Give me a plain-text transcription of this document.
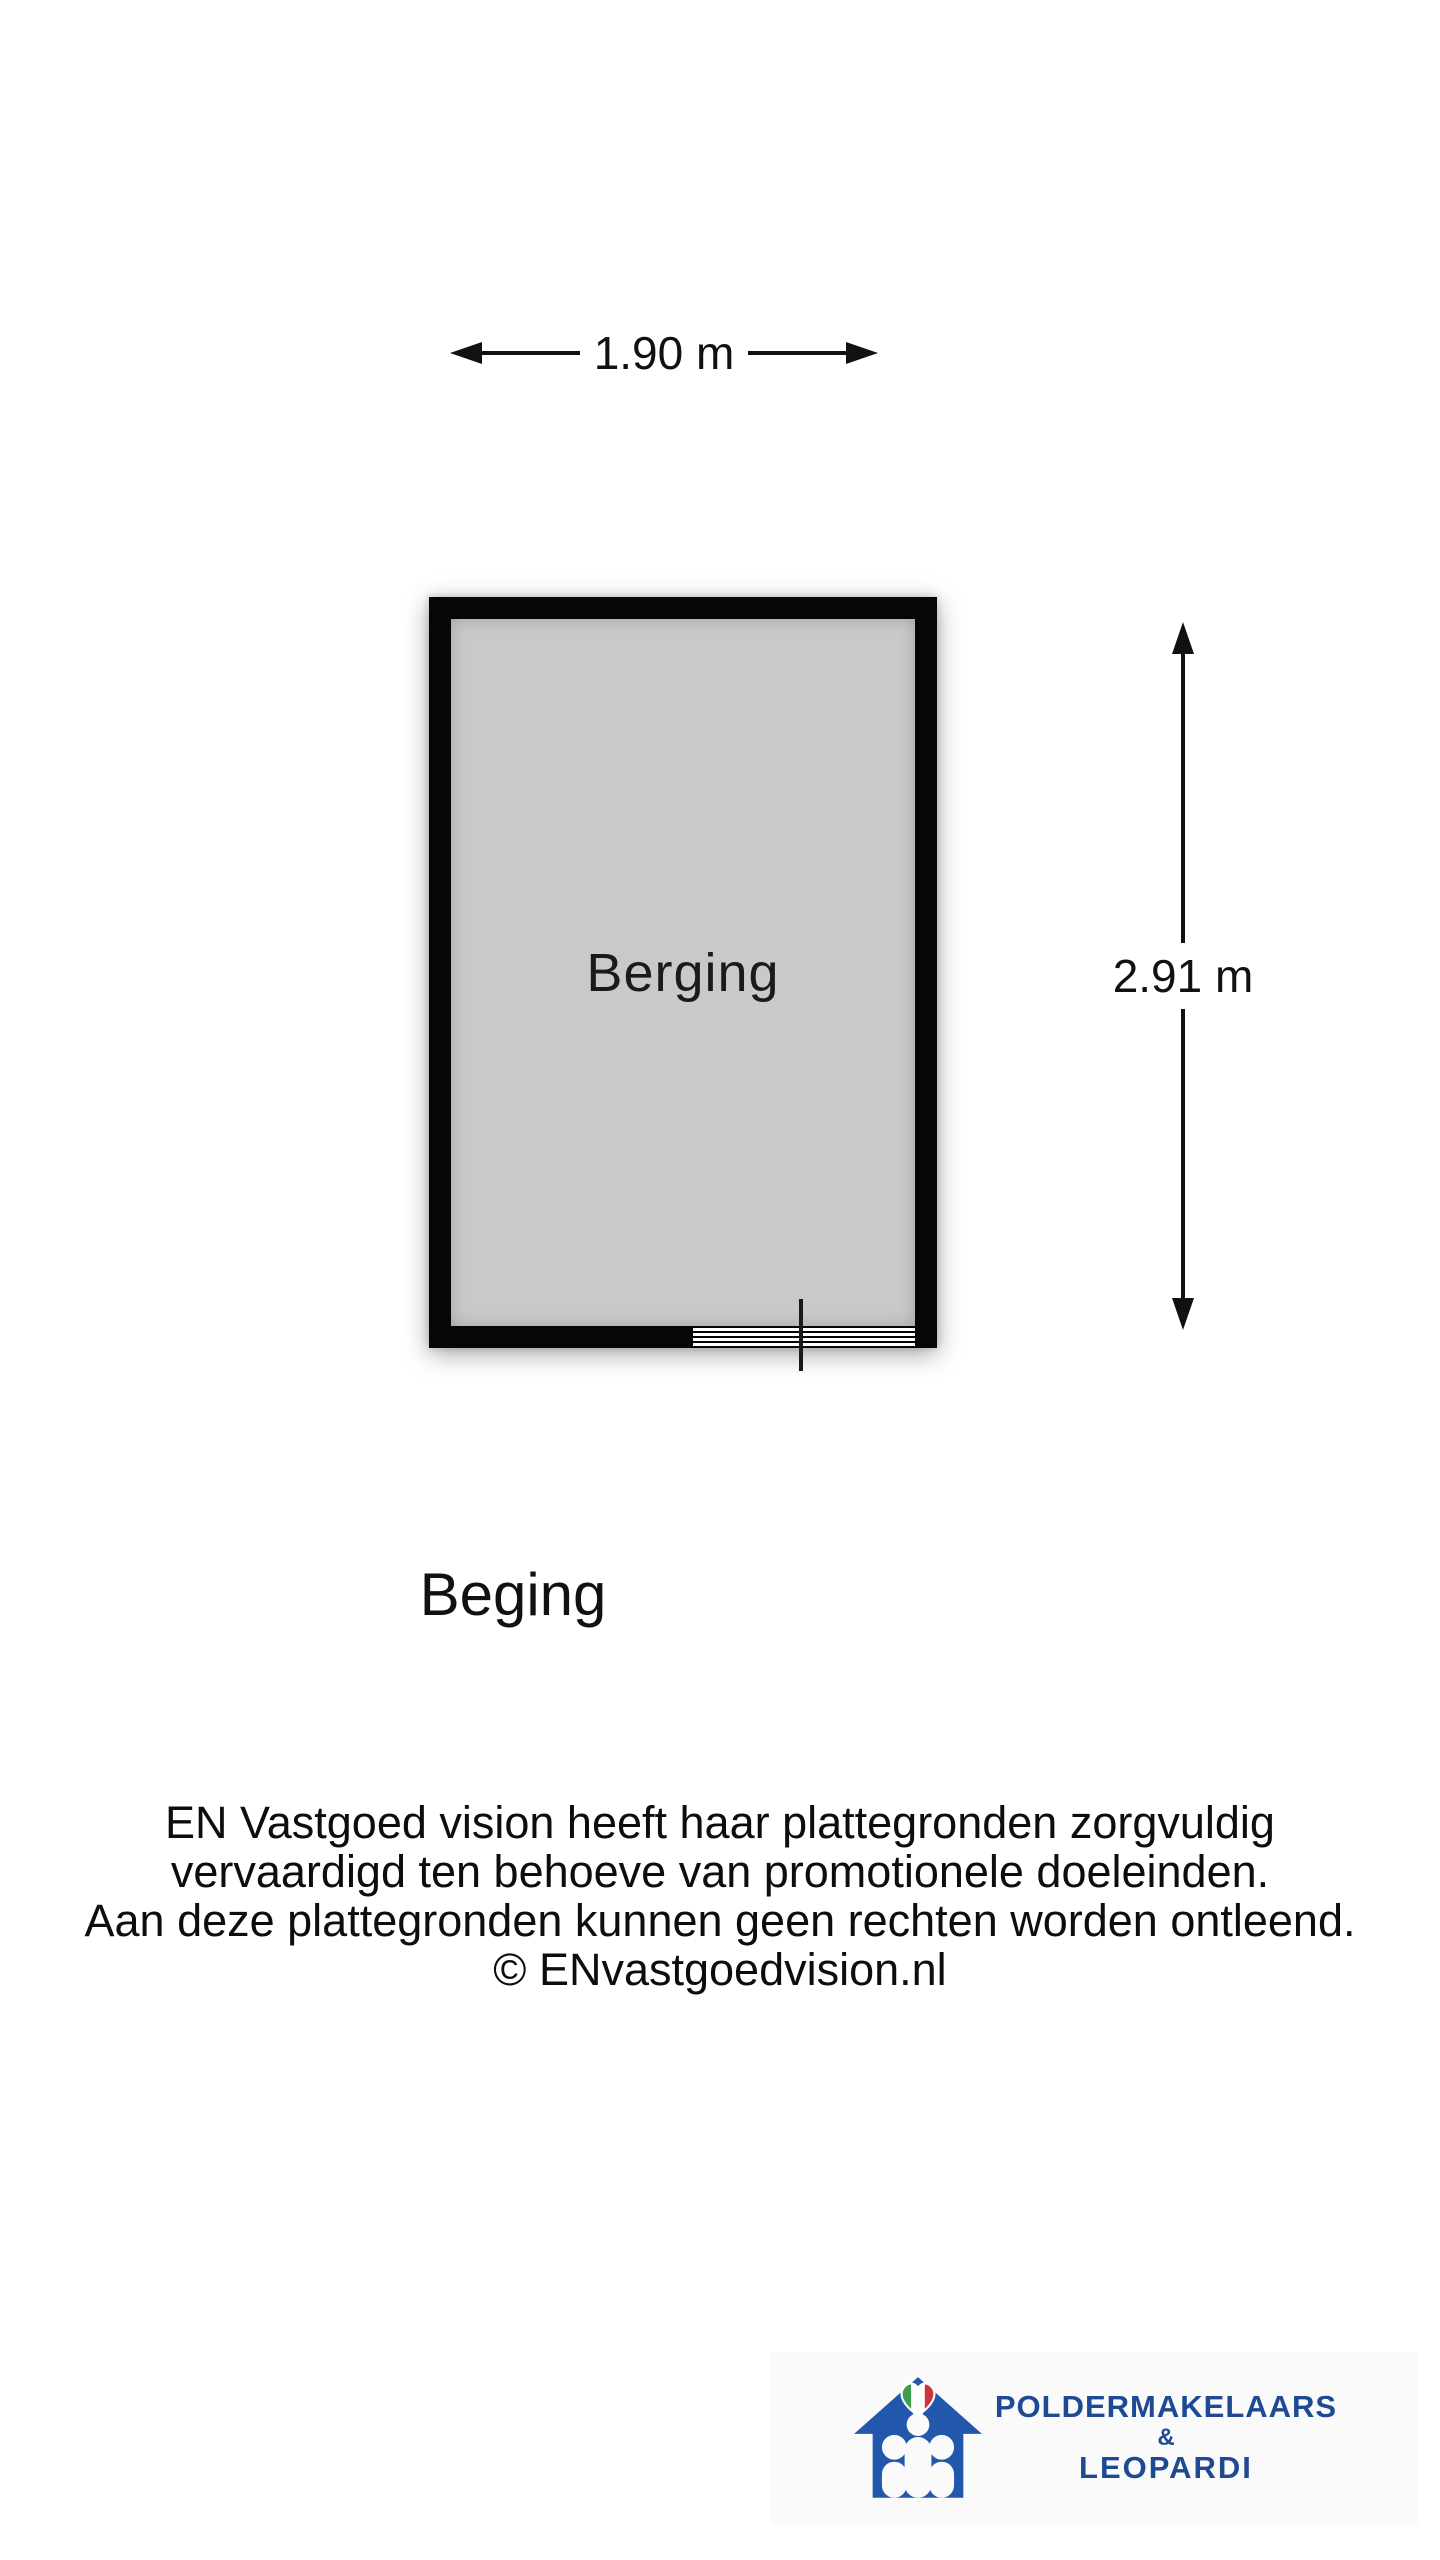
1.90 m
Berging	2.91 m
Beging
EN Vastgoed vision heeft haar plattegronden zorgvuldig
vervaardigd ten behoeve van promotionele doeleinden.
Aan deze plattegronden kunnen geen rechten worden ontleend.
© ENvastgoedvision.nl
POLDERMAKELAARS
&
LEOPARDI
